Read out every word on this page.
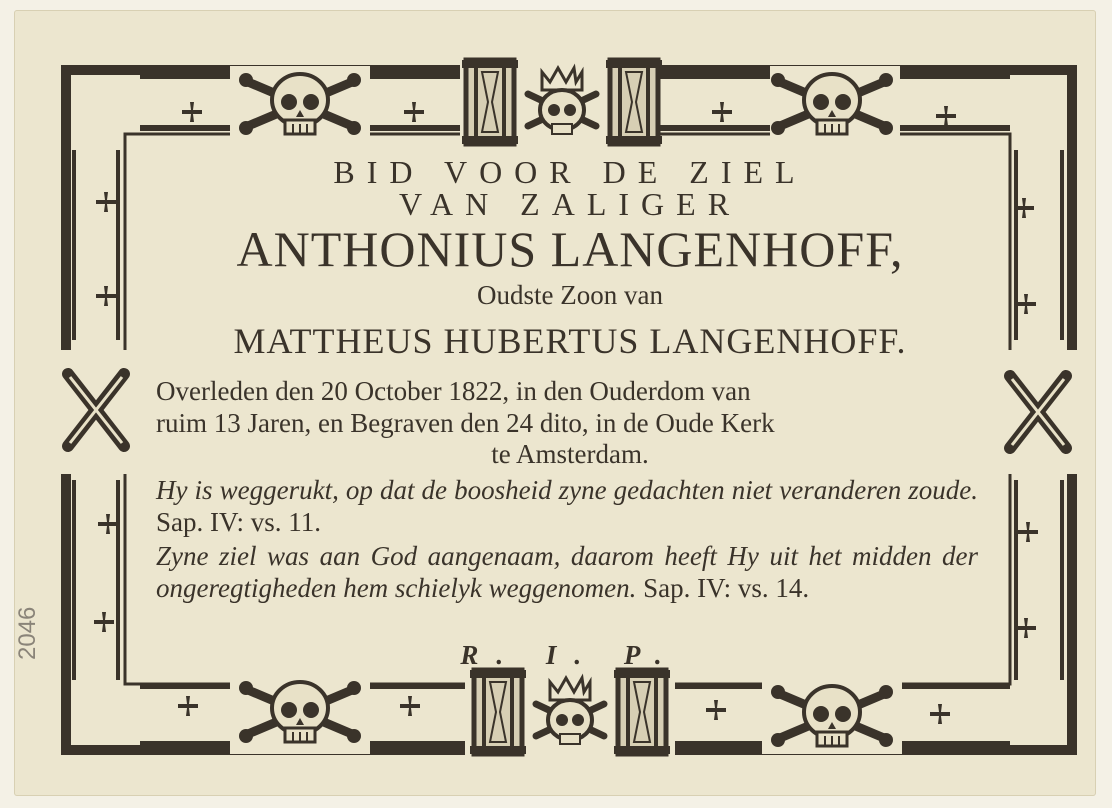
BID VOOR DE ZIEL
VAN ZALIGER
ANTHONIUS LANGENHOFF,
Oudste Zoon van
MATTHEUS HUBERTUS LANGENHOFF.
Overleden den 20 October 1822, in den Ouderdom van
ruim 13 Jaren, en Begraven den 24 dito, in de Oude Kerk
te Amsterdam.

Hy is weggerukt, op dat de boosheid zyne gedachten niet veranderen zoude. Sap. IV: vs. 11.

Zyne ziel was aan God aangenaam, daarom heeft Hy uit het midden der ongeregtigheden hem schielyk weggenomen. Sap. IV: vs. 14.

R. I. P.
2046
